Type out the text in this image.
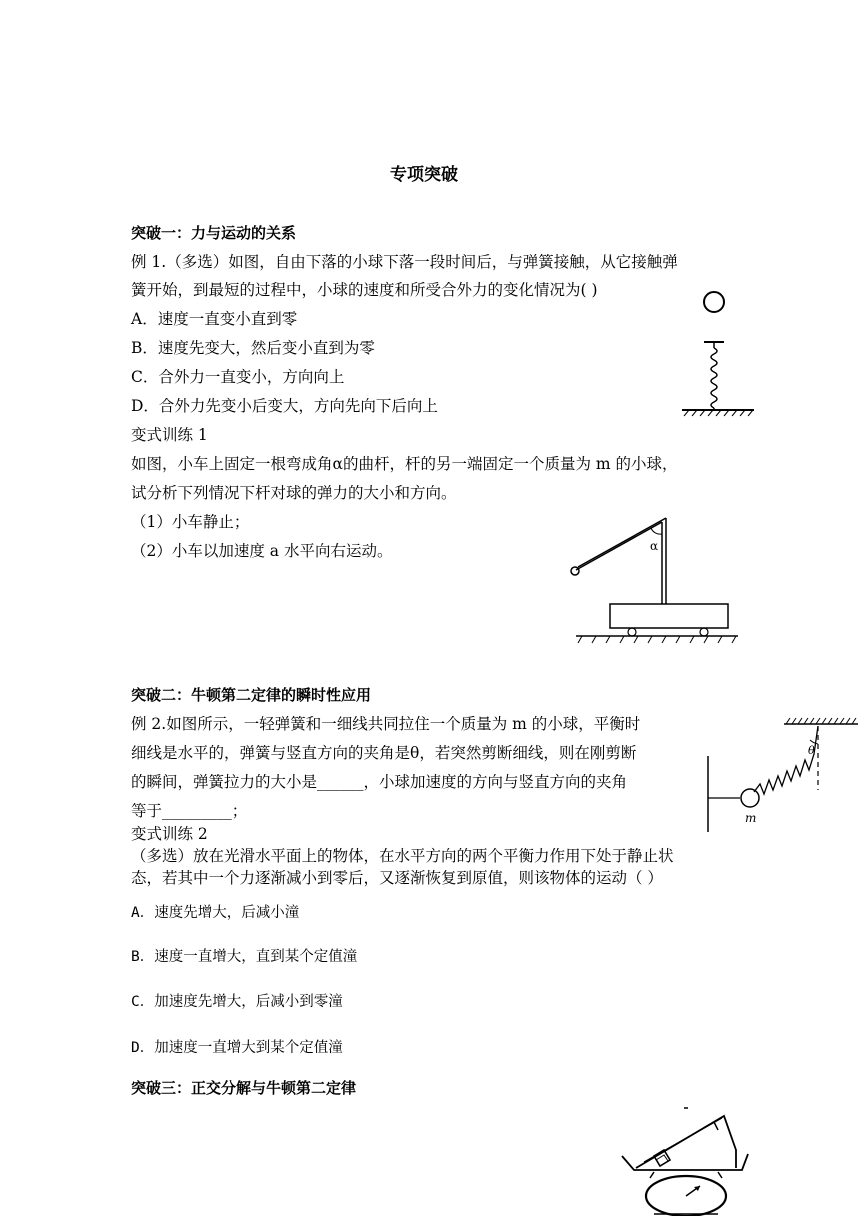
专项突破
突破一：力与运动的关系
例 1.（多选）如图，自由下落的小球下落一段时间后，与弹簧接触，从它接触弹
簧开始，到最短的过程中，小球的速度和所受合外力的变化情况为( )
A．速度一直变小直到零
B．速度先变大，然后变小直到为零
C．合外力一直变小，方向向上
D．合外力先变小后变大，方向先向下后向上
变式训练 1
如图，小车上固定一根弯成角α的曲杆，杆的另一端固定一个质量为 m 的小球，
试分析下列情况下杆对球的弹力的大小和方向。
（1）小车静止；
（2）小车以加速度 a 水平向右运动。	α
突破二：牛顿第二定律的瞬时性应用
例 2.如图所示，一轻弹簧和一细线共同拉住一个质量为 m 的小球，平衡时
细线是水平的，弹簧与竖直方向的夹角是θ，若突然剪断细线，则在刚剪断
的瞬间，弹簧拉力的大小是______，小球加速度的方向与竖直方向的夹角
等于_________；
θ
m
变式训练 2
（多选）放在光滑水平面上的物体，在水平方向的两个平衡力作用下处于静止状
态，若其中一个力逐渐减小到零后，又逐渐恢复到原值，则该物体的运动（ ）
A．速度先增大，后减小潼
B．速度一直增大，直到某个定值潼
C．加速度先增大，后减小到零潼
D．加速度一直增大到某个定值潼
突破三：正交分解与牛顿第二定律
